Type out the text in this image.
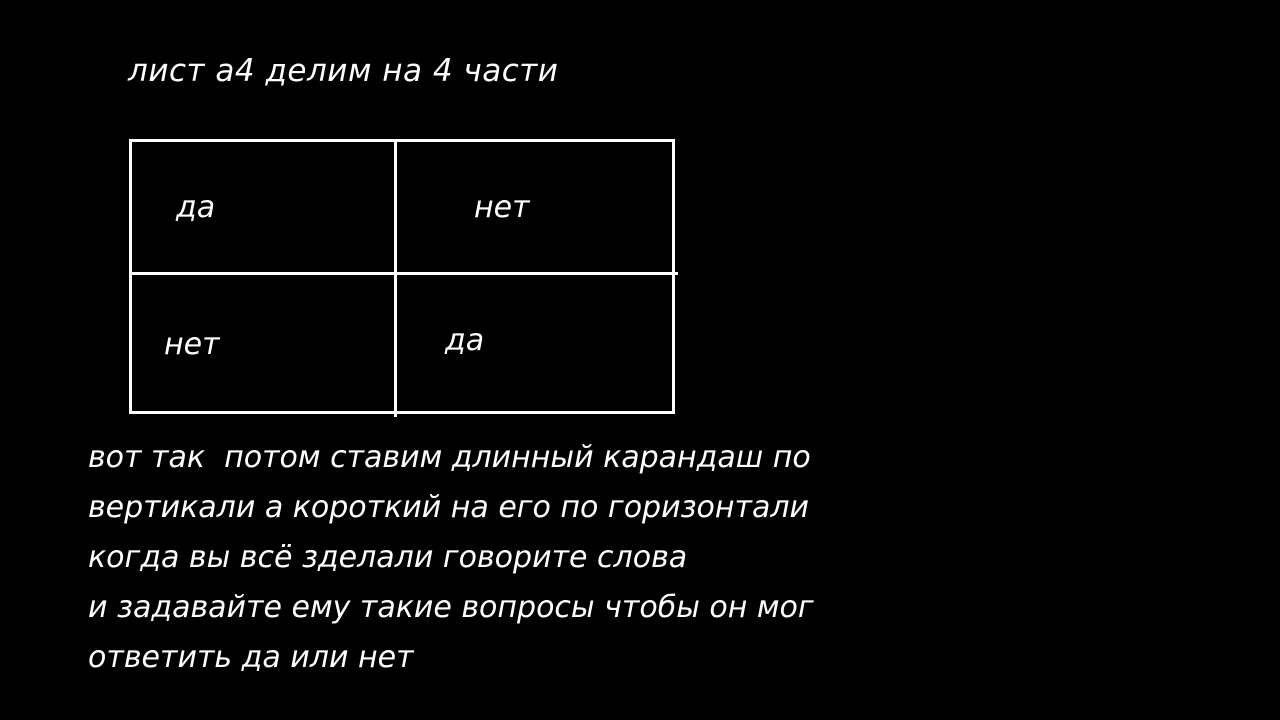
лист а4 делим на 4 части
да	нет
нет	да
вот так  потом ставим длинный карандаш по
вертикали а короткий на его по горизонтали
когда вы всё зделали говорите слова
и задавайте ему такие вопросы чтобы он мог
ответить да или нет
